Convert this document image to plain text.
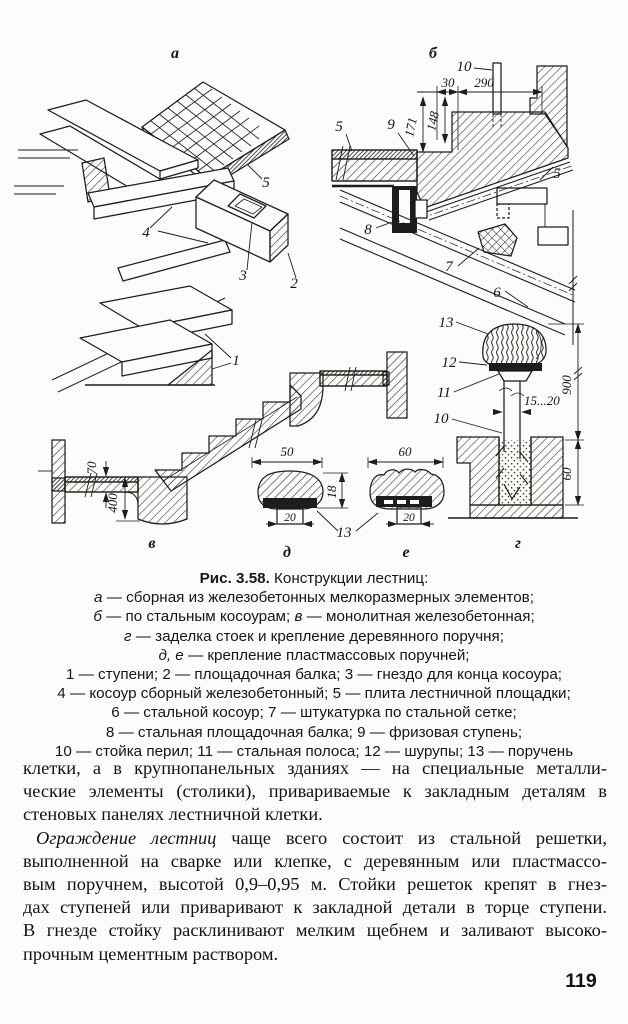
а
5
4
3	2
1
б
10
30 290
171 148
5	9
5
8
7
6
70
400
в
13
12
11
10
900
60
15...20
г
50
20
18
д
13
60
20
е
Рис. 3.58. Конструкции лестниц:
а — сборная из железобетонных мелкоразмерных элементов;
б — по стальным косоурам; в — монолитная железобетонная;
г — заделка стоек и крепление деревянного поручня;
д, е — крепление пластмассовых поручней;
1 — ступени; 2 — площадочная балка; 3 — гнездо для конца косоура;
4 — косоур сборный железобетонный; 5 — плита лестничной площадки;
6 — стальной косоур; 7 — штукатурка по стальной сетке;
8 — стальная площадочная балка; 9 — фризовая ступень;
10 — стойка перил; 11 — стальная полоса; 12 — шурупы; 13 — поручень
клетки, а в крупнопанельных зданиях — на специальные металли-
ческие элементы (столики), привариваемые к закладным деталям в
стеновых панелях лестничной клетки.
Ограждение лестниц чаще всего состоит из стальной решетки,
выполненной на сварке или клепке, с деревянным или пластмассо-
вым поручнем, высотой 0,9–0,95 м. Стойки решеток крепят в гнез-
дах ступеней или приваривают к закладной детали в торце ступени.
В гнезде стойку расклинивают мелким щебнем и заливают высоко-
прочным цементным раствором.
119
